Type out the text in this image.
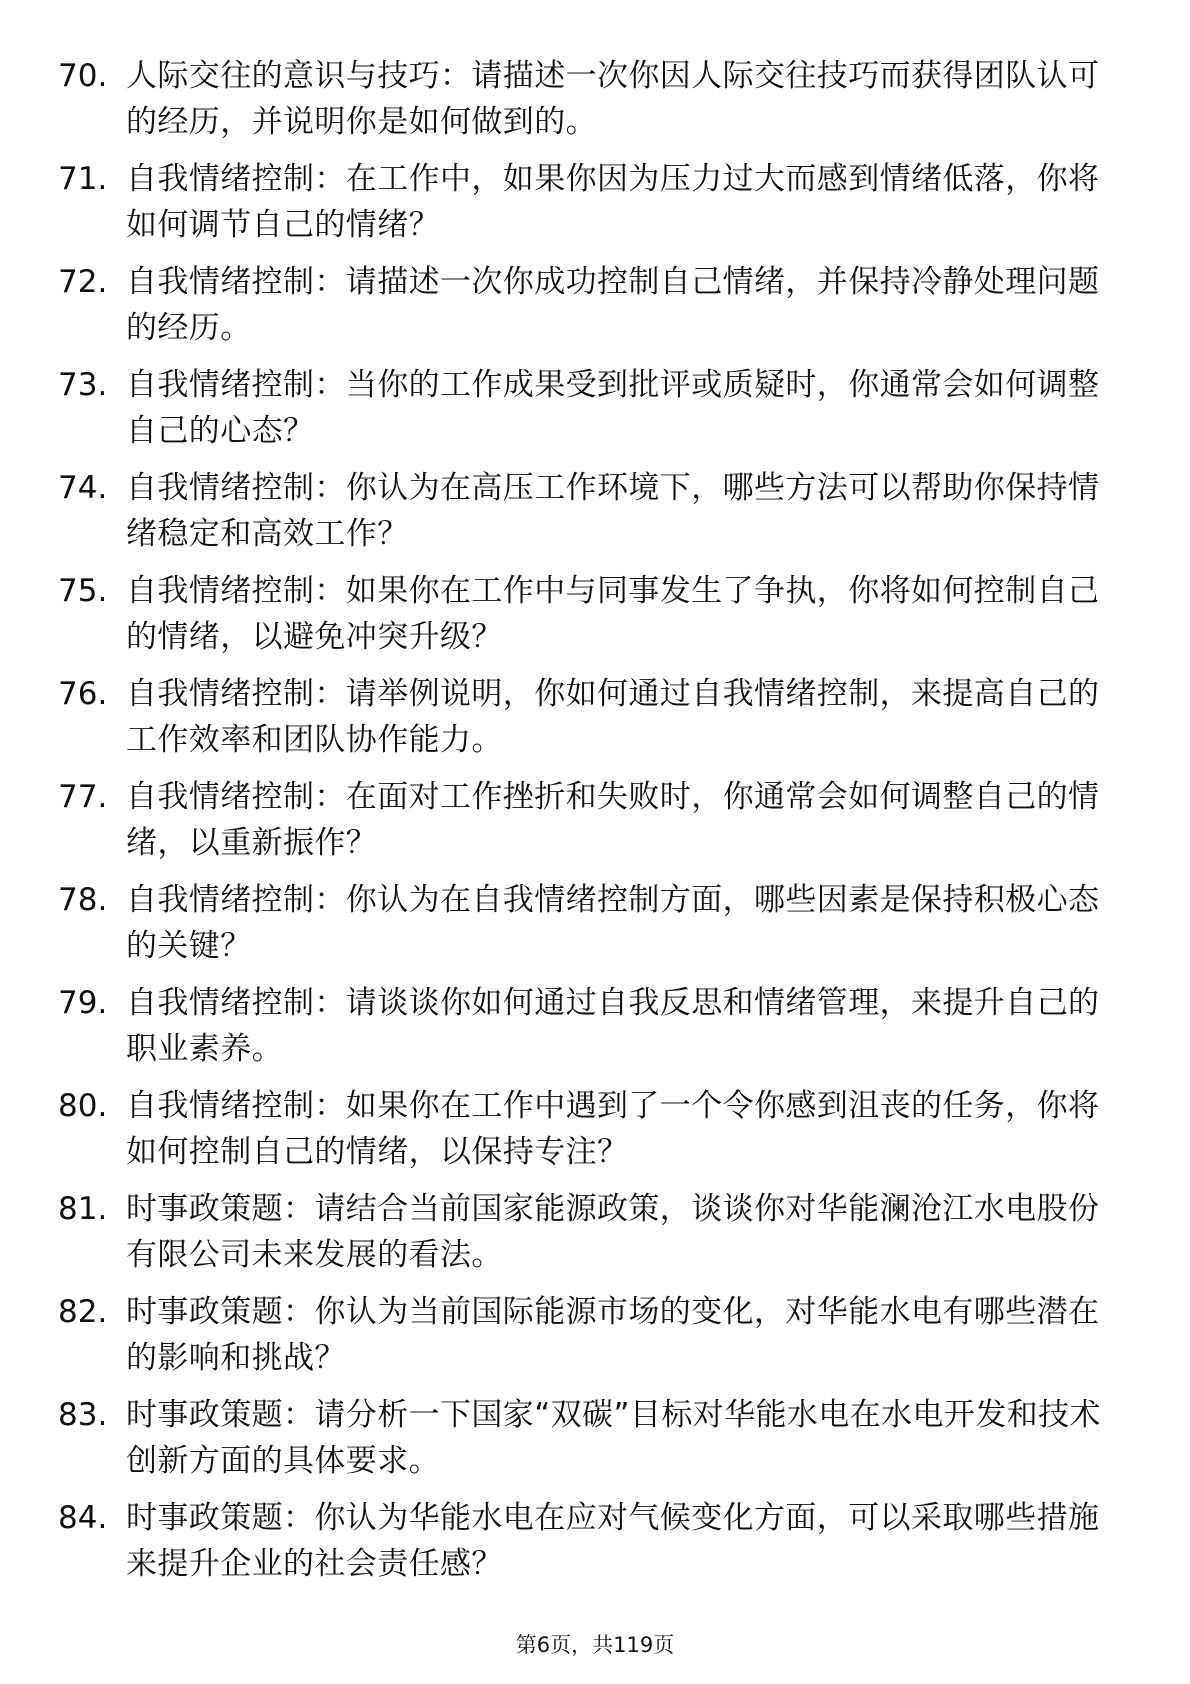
70. 人际交往的意识与技巧：请描述一次你因人际交往技巧而获得团队认可的经历，并说明你是如何做到的。
71. 自我情绪控制：在工作中，如果你因为压力过大而感到情绪低落，你将如何调节自己的情绪？
72. 自我情绪控制：请描述一次你成功控制自己情绪，并保持冷静处理问题的经历。
73. 自我情绪控制：当你的工作成果受到批评或质疑时，你通常会如何调整自己的心态？
74. 自我情绪控制：你认为在高压工作环境下，哪些方法可以帮助你保持情绪稳定和高效工作？
75. 自我情绪控制：如果你在工作中与同事发生了争执，你将如何控制自己的情绪，以避免冲突升级？
76. 自我情绪控制：请举例说明，你如何通过自我情绪控制，来提高自己的工作效率和团队协作能力。
77. 自我情绪控制：在面对工作挫折和失败时，你通常会如何调整自己的情绪，以重新振作？
78. 自我情绪控制：你认为在自我情绪控制方面，哪些因素是保持积极心态的关键？
79. 自我情绪控制：请谈谈你如何通过自我反思和情绪管理，来提升自己的职业素养。
80. 自我情绪控制：如果你在工作中遇到了一个令你感到沮丧的任务，你将如何控制自己的情绪，以保持专注？
81. 时事政策题：请结合当前国家能源政策，谈谈你对华能澜沧江水电股份有限公司未来发展的看法。
82. 时事政策题：你认为当前国际能源市场的变化，对华能水电有哪些潜在的影响和挑战？
83. 时事政策题：请分析一下国家“双碳”目标对华能水电在水电开发和技术创新方面的具体要求。
84. 时事政策题：你认为华能水电在应对气候变化方面，可以采取哪些措施来提升企业的社会责任感？
第6页，共119页
